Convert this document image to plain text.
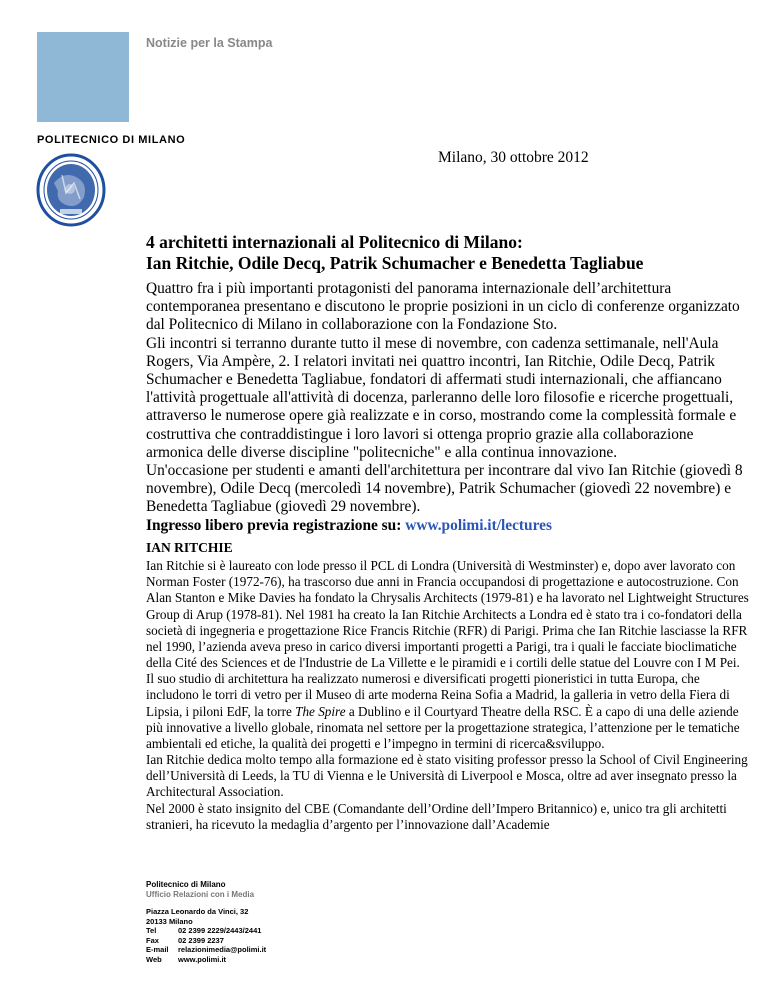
Notizie per la Stampa
POLITECNICO DI MILANO
Milano, 30 ottobre 2012
4 architetti internazionali al Politecnico di Milano:
Ian Ritchie, Odile Decq, Patrik Schumacher e Benedetta Tagliabue

Quattro fra i più importanti protagonisti del panorama internazionale dell’architettura contemporanea presentano e discutono le proprie posizioni in un ciclo di conferenze organizzato dal Politecnico di Milano in collaborazione con la Fondazione Sto.

Gli incontri si terranno durante tutto il mese di novembre, con cadenza settimanale, nell'Aula Rogers, Via Ampère, 2. I relatori invitati nei quattro incontri, Ian Ritchie, Odile Decq, Patrik Schumacher e Benedetta Tagliabue, fondatori di affermati studi internazionali, che affiancano l'attività progettuale all'attività di docenza, parleranno delle loro filosofie e ricerche progettuali, attraverso le numerose opere già realizzate e in corso, mostrando come la complessità formale e costruttiva che contraddistingue i loro lavori si ottenga proprio grazie alla collaborazione armonica delle diverse discipline "politecniche" e alla continua innovazione.

Un'occasione per studenti e amanti dell'architettura per incontrare dal vivo Ian Ritchie (giovedì 8 novembre), Odile Decq (mercoledì 14 novembre), Patrik Schumacher (giovedì 22 novembre) e Benedetta Tagliabue (giovedì 29 novembre).

Ingresso libero previa registrazione su: www.polimi.it/lectures

IAN RITCHIE

Ian Ritchie si è laureato con lode presso il PCL di Londra (Università di Westminster) e, dopo aver lavorato con Norman Foster (1972-76), ha trascorso due anni in Francia occupandosi di progettazione e autocostruzione. Con Alan Stanton e Mike Davies ha fondato la Chrysalis Architects (1979-81) e ha lavorato nel Lightweight Structures Group di Arup (1978-81). Nel 1981 ha creato la Ian Ritchie Architects a Londra ed è stato tra i co-fondatori della società di ingegneria e progettazione Rice Francis Ritchie (RFR) di Parigi. Prima che Ian Ritchie lasciasse la RFR nel 1990, l’azienda aveva preso in carico diversi importanti progetti a Parigi, tra i quali le facciate bioclimatiche della Cité des Sciences et de l'Industrie de La Villette e le piramidi e i cortili delle statue del Louvre con I M Pei.

Il suo studio di architettura ha realizzato numerosi e diversificati progetti pioneristici in tutta Europa, che includono le torri di vetro per il Museo di arte moderna Reina Sofia a Madrid, la galleria in vetro della Fiera di Lipsia, i piloni EdF, la torre The Spire a Dublino e il Courtyard Theatre della RSC. È a capo di una delle aziende più innovative a livello globale, rinomata nel settore per la progettazione strategica, l’attenzione per le tematiche ambientali ed etiche, la qualità dei progetti e l’impegno in termini di ricerca&sviluppo.

Ian Ritchie dedica molto tempo alla formazione ed è stato visiting professor presso la School of Civil Engineering dell’Università di Leeds, la TU di Vienna e le Università di Liverpool e Mosca, oltre ad aver insegnato presso la Architectural Association.

Nel 2000 è stato insignito del CBE (Comandante dell’Ordine dell’Impero Britannico) e, unico tra gli architetti stranieri, ha ricevuto la medaglia d’argento per l’innovazione dall’Academie

Politecnico di Milano
Ufficio Relazioni con i Media
Piazza Leonardo da Vinci, 32
20133 Milano
Tel	02 2399 2229/2443/2441
Fax	02 2399 2237
E-mail	relazionimedia@polimi.it
Web	www.polimi.it
